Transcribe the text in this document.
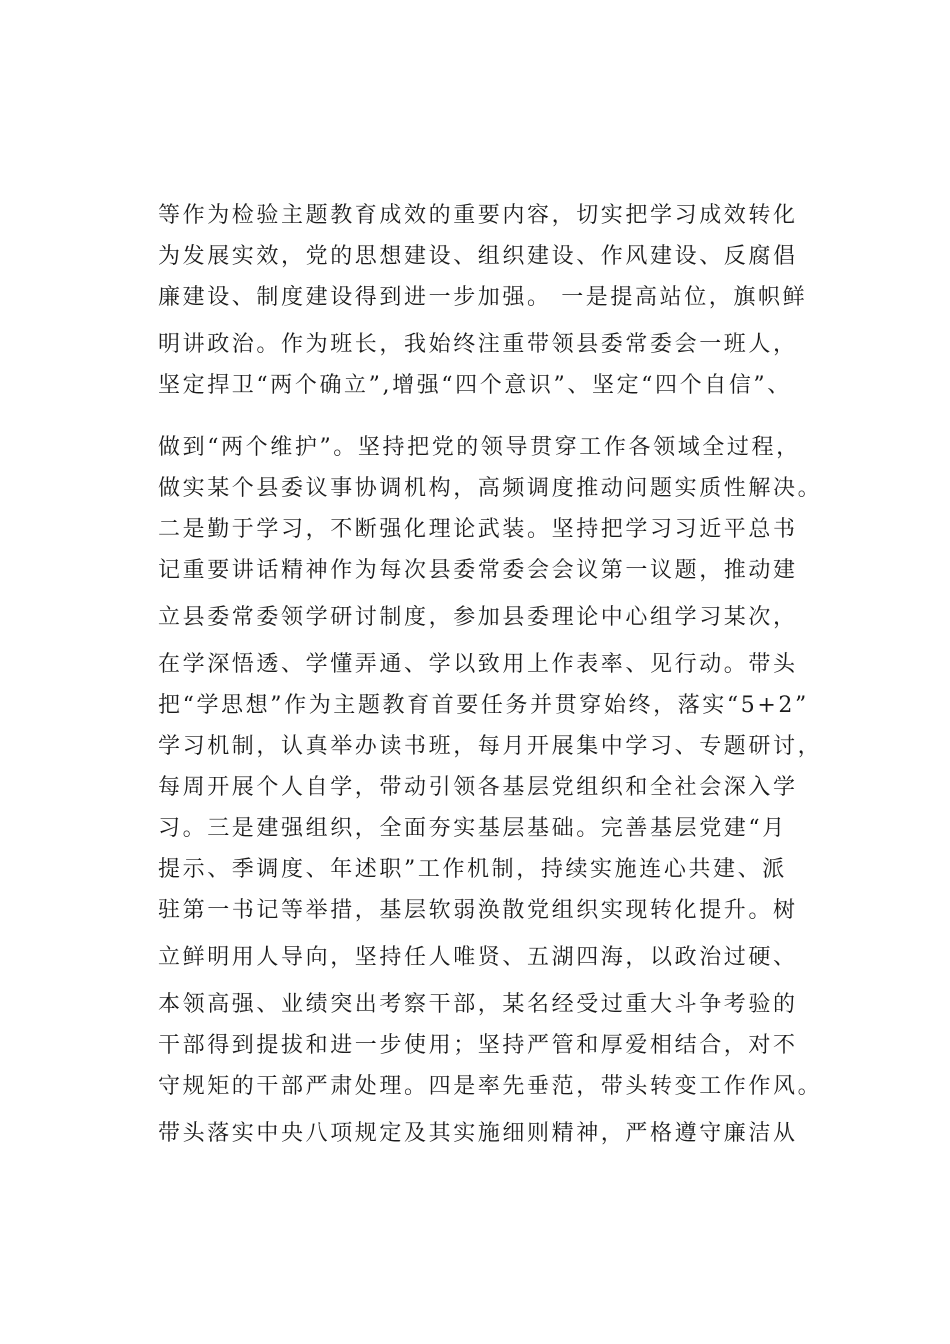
等作为检验主题教育成效的重要内容，切实把学习成效转化
为发展实效，党的思想建设、组织建设、作风建设、反腐倡
廉建设、制度建设得到进一步加强。 一是提高站位，旗帜鲜
明讲政治。作为班长，我始终注重带领县委常委会一班人，
坚定捍卫“两个确立”,增强“四个意识”、坚定“四个自信”、
做到“两个维护”。坚持把党的领导贯穿工作各领域全过程，
做实某个县委议事协调机构，高频调度推动问题实质性解决。
二是勤于学习，不断强化理论武装。坚持把学习习近平总书
记重要讲话精神作为每次县委常委会会议第一议题，推动建
立县委常委领学研讨制度，参加县委理论中心组学习某次，
在学深悟透、学懂弄通、学以致用上作表率、见行动。带头
把“学思想”作为主题教育首要任务并贯穿始终，落实“5+2”
学习机制，认真举办读书班，每月开展集中学习、专题研讨，
每周开展个人自学，带动引领各基层党组织和全社会深入学
习。三是建强组织，全面夯实基层基础。完善基层党建“月
提示、季调度、年述职”工作机制，持续实施连心共建、派
驻第一书记等举措，基层软弱涣散党组织实现转化提升。树
立鲜明用人导向，坚持任人唯贤、五湖四海，以政治过硬、
本领高强、业绩突出考察干部，某名经受过重大斗争考验的
干部得到提拔和进一步使用；坚持严管和厚爱相结合，对不
守规矩的干部严肃处理。四是率先垂范，带头转变工作作风。
带头落实中央八项规定及其实施细则精神，严格遵守廉洁从
